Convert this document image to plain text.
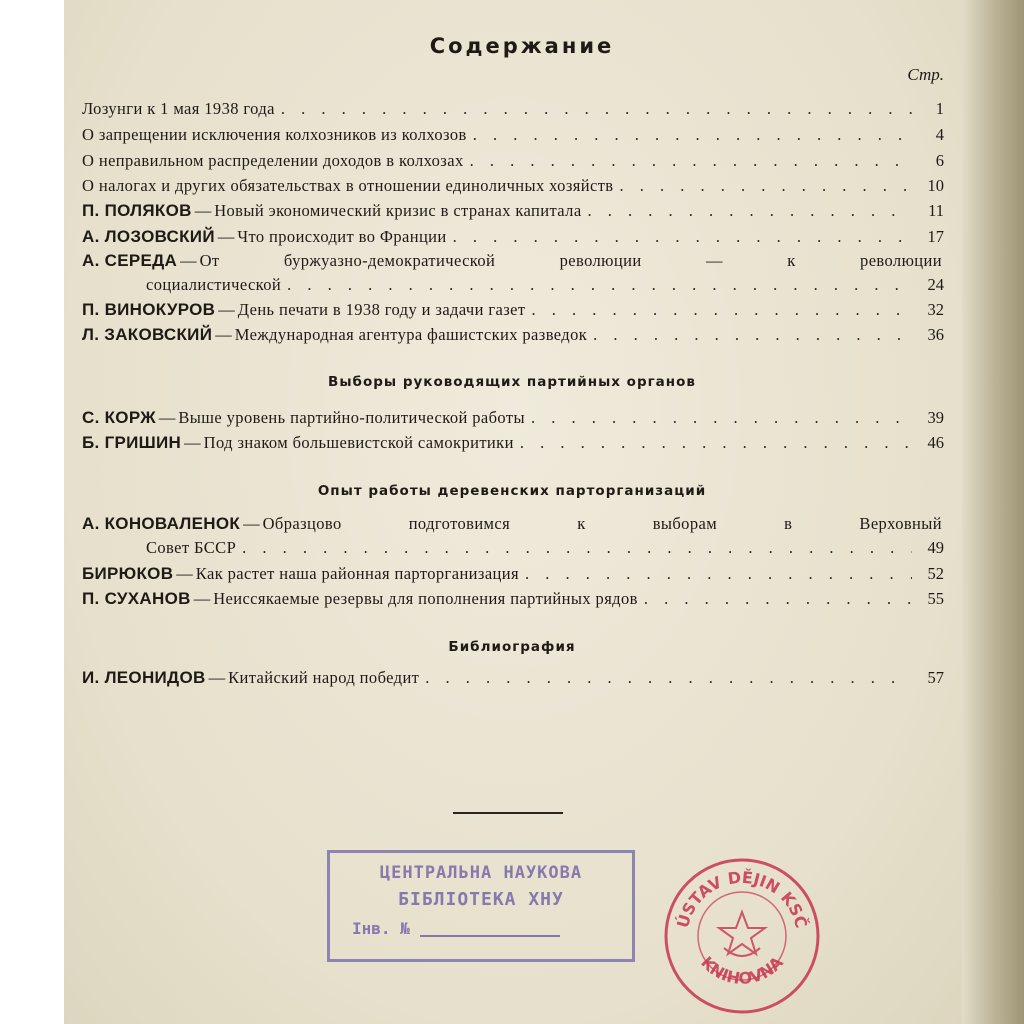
Содержание
Стр.
Лозунги к 1 мая 1938 года . . .	1
О запрещении исключения колхозников из колхозов . . .	4
О неправильном распределении доходов в колхозах . . .	6
О налогах и других обязательствах в отношении единоличных хозяйств . . .	10
П. ПОЛЯКОВ — Новый экономический кризис в странах капитала . . .	11
А. ЛОЗОВСКИЙ — Что происходит во Франции . . .	17
А. СЕРЕДА — От буржуазно-демократической революции — к революции
социалистической . . .	24
П. ВИНОКУРОВ — День печати в 1938 году и задачи газет . . .	32
Л. ЗАКОВСКИЙ — Международная агентура фашистских разведок . . .	36
Выборы руководящих партийных органов
С. КОРЖ — Выше уровень партийно-политической работы . . .	39
Б. ГРИШИН — Под знаком большевистской самокритики . . .	46
Опыт работы деревенских парторганизаций
А. КОНОВАЛЕНОК — Образцово подготовимся к выборам в Верховный
Совет БССР . . .	49
БИРЮКОВ — Как растет наша районная парторганизация . . .	52
П. СУХАНОВ — Неиссякаемые резервы для пополнения партийных рядов . . .	55
Библиография
И. ЛЕОНИДОВ — Китайский народ победит . . .	57
ЦЕНТРАЛЬНА НАУКОВА
БІБЛІОТЕКА ХНУ
Інв. №	ÚSTAV DĚJIN KSČ
KNIHOVNA
